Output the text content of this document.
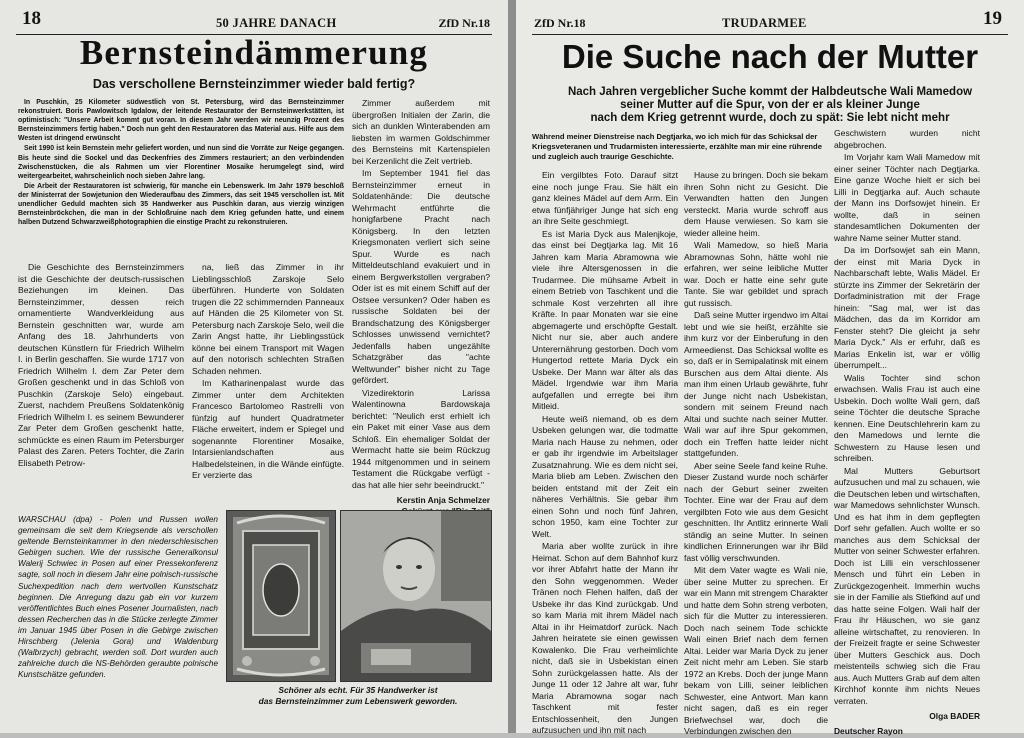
18	50 JAHRE DANACH	ZfD Nr.18
Bernsteindämmerung
Das verschollene Bernsteinzimmer wieder bald fertig?

In Puschkin, 25 Kilometer südwestlich von St. Petersburg, wird das Bernsteinzimmer rekonstruiert. Boris Pawlowitsch Igdalow, der leitende Restaurator der Bernsteinwerkstätten, ist optimistisch: "Unsere Arbeit kommt gut voran. In diesem Jahr werden wir neunzig Prozent des Bernsteinzimmers fertig haben." Doch nun geht den Restauratoren das Material aus. Hilfe aus dem Westen ist dringend erwünscht

Seit 1990 ist kein Bernstein mehr geliefert worden, und nun sind die Vorräte zur Neige gegangen. Bis heute sind die Sockel und das Deckenfries des Zimmers restauriert; an den verbindenden Zwischenstücken, die als Rahmen um vier Florentiner Mosaike herumgelegt sind, wird weitergearbeitet, wahrscheinlich noch sieben Jahre lang.

Die Arbeit der Restauratoren ist schwierig, für manche ein Lebenswerk. Im Jahr 1979 beschloß der Ministerrat der Sowjetunion den Wiederaufbau des Zimmers, das seit 1945 verschollen ist. Mit unendlicher Geduld machten sich 35 Handwerker aus Puschkin daran, aus vierzig winzigen Bernsteinbröckchen, die man in der Schloßruine nach dem Krieg gefunden hatte, und einem halben Dutzend Schwarzweißphotographien die einstige Pracht zu rekonstruieren.

Die Geschichte des Bernsteinzimmers ist die Geschichte der deutsch-russischen Beziehungen im kleinen. Das Bernsteinzimmer, dessen reich ornamentierte Wandverkleidung aus Bernstein geschnitten war, wurde am Anfang des 18. Jahrhunderts von deutschen Künstlern für Friedrich Wilhelm I. in Berlin geschaffen. Sie wurde 1717 von Friedrich Wilhelm I. dem Zar Peter dem Großen geschenkt und in das Schloß von Puschkin (Zarskoje Selo) eingebaut. Zuerst, nachdem Preußens Soldatenkönig Friedrich Wilhelm I. es seinem Bewunderer Zar Peter dem Großen geschenkt hatte, schmückte es einen Raum im Petersburger Palast des Zaren. Peters Tochter, die Zarin Elisabeth Petrow-

na, ließ das Zimmer in ihr Lieblingsschloß Zarskoje Selo überführen. Hunderte von Soldaten trugen die 22 schimmernden Panneaux auf Händen die 25 Kilometer von St. Petersburg nach Zarskoje Selo, weil die Zarin Angst hatte, ihr Lieblingsstück könne bei einem Transport mit Wagen auf den notorisch schlechten Straßen Schaden nehmen.

Im Katharinenpalast wurde das Zimmer unter dem Architekten Francesco Bartolomeo Rastrelli von fünfzig auf hundert Quadratmeter Fläche erweitert, indem er Spiegel und sogenannte Florentiner Mosaike, Intarsienlandschaften aus Halbedelsteinen, in die Wände einfügte. Er verzierte das

Zimmer außerdem mit übergroßen Initialen der Zarin, die sich an dunklen Winterabenden am liebsten im warmen Goldschimmer des Bernsteins mit Kartenspielen bei Kerzenlicht die Zeit vertrieb.

Im September 1941 fiel das Bernsteinzimmer erneut in Soldatenhände: Die deutsche Wehrmacht entführte die honigfarbene Pracht nach Königsberg. In den letzten Kriegsmonaten verliert sich seine Spur. Wurde es nach Mitteldeutschland evakuiert und in einem Bergwerkstollen vergraben? Oder ist es mit einem Schiff auf der Ostsee versunken? Oder haben es russische Soldaten bei der Brandschatzung des Königsberger Schlosses unwissend vernichtet? Jedenfalls haben ungezählte Schatzgräber das "achte Weltwunder" bisher nicht zu Tage gefördert.

Vizedirektorin Larissa Walentinowna Bardowskaja berichtet: "Neulich erst erhielt ich ein Paket mit einer Vase aus dem Schloß. Ein ehemaliger Soldat der Wermacht hatte sie beim Rückzug 1944 mitgenommen und in seinem Testament die Rückgabe verfügt - das hat alle hier sehr beeindruckt."

Kerstin Anja Schmelzer

WARSCHAU (dpa) - Polen und Russen wollen gemeinsam die seit dem Kriegsende als verschollen geltende Bernsteinkammer in den niederschlesischen Gebirgen suchen. Wie der russische Generalkonsul Walerij Schwiec in Posen auf einer Pressekonferenz sagte, soll noch in diesem Jahr eine polnisch-russische Suchexpedition nach dem wertvollen Kunstschatz beginnen. Die Anregung dazu gab ein vor kurzem veröffentlichtes Buch eines Posener Journalisten, nach dessen Recherchen das in die Stücke zerlegte Zimmer im Januar 1945 über Posen in die Gebirge zwischen Hirschberg (Jelenia Gora) und Waldenburg (Walbrzych) gebracht, werden soll. Dort wurden auch zahlreiche durch die NS-Behörden geraubte polnische Kunstschätze gefunden.

Schöner als echt. Für 35 Handwerker ist
das Bernsteinzimmer zum Lebenswerk geworden.
ZfD Nr.18	TRUDARMEE	19
Die Suche nach der Mutter
Nach Jahren vergeblicher Suche kommt der Halbdeutsche Wali Mamedow
seiner Mutter auf die Spur, von der er als kleiner Junge
nach dem Krieg getrennt wurde, doch zu spät: Sie lebt nicht mehr

Während meiner Dienstreise nach Degtjarka, wo ich mich für das Schicksal der Kriegsveteranen und Trudarmisten interessierte, erzählte man mir eine rührende und zugleich auch traurige Geschichte.

Ein vergilbtes Foto. Darauf sitzt eine noch junge Frau. Sie hält ein ganz kleines Mädel auf dem Arm. Ein etwa fünfjähriger Junge hat sich eng an ihre Seite geschmiegt.

Es ist Maria Dyck aus Malenjkoje, das einst bei Degtjarka lag. Mit 16 Jahren kam Maria Abramowna wie viele ihre Altersgenossen in die Trudarmee. Die mühsame Arbeit in einem Betrieb von Taschkent und die schmale Kost verzehrten all ihre Kräfte. In paar Monaten war sie eine abgemagerte und erschöpfte Gestalt. Nicht nur sie, aber auch andere Unterernährung gestorben. Doch vom Hungertod rettete Maria Dyck ein Usbeke. Der Mann war älter als das Mädel. Irgendwie war ihm Maria aufgefallen und erregte bei ihm Mitleid.

Heute weiß niemand, ob es dem Usbeken gelungen war, die todmatte Maria nach Hause zu nehmen, oder er gab ihr irgendwie im Arbeitslager Zusatznahrung. Wie es dem nicht sei, Maria blieb am Leben. Zwischen den beiden entstand mit der Zeit ein näheres Verhältnis. Sie gebar ihm einen Sohn und noch fünf Jahren, schon 1950, kam eine Tochter zur Welt.

Maria aber wollte zurück in ihre Heimat. Schon auf dem Bahnhof kurz vor ihrer Abfahrt hatte der Mann ihr den Sohn weggenommen. Weder Tränen noch Flehen halfen, daß der Usbeke ihr das Kind zurückgab. Und so kam Maria mit ihrem Mädel nach Altai in ihr Heimatdorf zurück. Nach Jahren heiratete sie einen gewissen Kowalenko. Die Frau verheimlichte nicht, daß sie in Usbekistan einen Sohn zurückgelassen hatte. Als der Junge 11 oder 12 Jahre alt war, fuhr Maria Abramowna sogar nach Taschkent mit fester Entschlossenheit, den Jungen aufzusuchen und ihn mit nach

Hause zu bringen. Doch sie bekam ihren Sohn nicht zu Gesicht. Die Verwandten hatten den Jungen versteckt. Maria wurde schroff aus dem Hause verwiesen. So kam sie wieder alleine heim.

Wali Mamedow, so hieß Maria Abramownas Sohn, hätte wohl nie erfahren, wer seine leibliche Mutter war. Doch er hatte eine sehr gute Tante. Sie war gebildet und sprach gut russisch.

Daß seine Mutter irgendwo im Altai lebt und wie sie heißt, erzählte sie ihm kurz vor der Einberufung in den Armeedienst. Das Schicksal wollte es so, daß er in Semipalatinsk mit einem Burschen aus dem Altai diente. Als man ihm einen Urlaub gewährte, fuhr der Junge nicht nach Usbekistan, sondern mit seinem Freund nach Altai und suchte nach seiner Mutter. Wali war auf ihre Spur gekommen, doch ein Treffen hatte leider nicht stattgefunden.

Aber seine Seele fand keine Ruhe. Dieser Zustand wurde noch schärfer nach der Geburt seiner zweiten Tochter. Eine war der Frau auf dem vergilbten Foto wie aus dem Gesicht geschnitten. Ihr Antlitz erinnerte Wali ständig an seine Mutter. In seinen kindlichen Erinnerungen war ihr Bild fast völlig verschwunden.

Mit dem Vater wagte es Wali nie, über seine Mutter zu sprechen. Er war ein Mann mit strengem Charakter und hatte dem Sohn streng verboten, sich für die Mutter zu interessieren. Doch nach seinem Tode schickte Wali einen Brief nach dem fernen Altai. Leider war Maria Dyck zu jener Zeit nicht mehr am Leben. Sie starb 1972 an Krebs. Doch der junge Mann bekam von Lilli, seiner leiblichen Schwester, eine Antwort. Man kann nicht sagen, daß es ein reger Briefwechsel war, doch die Verbindungen zwischen den

Geschwistern wurden nicht abgebrochen.

Im Vorjahr kam Wali Mamedow mit einer seiner Töchter nach Degtjarka. Eine ganze Woche hielt er sich bei Lilli in Degtjarka auf. Auch schaute der Mann ins Dorfsowjet hinein. Er wollte, daß in seinen standesamtlichen Dokumenten der wahre Name seiner Mutter stand.

Da im Dorfsowjet sah ein Mann, der einst mit Maria Dyck in Nachbarschaft lebte, Walis Mädel. Er stürzte ins Zimmer der Sekretärin der Dorfadministration mit der Frage hinein: "Sag mal, wer ist das Mädchen, das da im Korridor am Fenster steht? Die gleicht ja sehr Maria Dyck." Als er erfuhr, daß es Marias Enkelin ist, war er völlig überrumpelt...

Walis Tochter sind schon erwachsen. Walis Frau ist auch eine Usbekin. Doch wollte Wali gern, daß seine Töchter die deutsche Sprache kennen. Eine Deutschlehrerin kam zu den Mamedows und lernte die Schwestern zu Hause lesen und schreiben.

Mal Mutters Geburtsort aufzusuchen und mal zu schauen, wie die Deutschen leben und wirtschaften, war Mamedows sehnlichster Wunsch. Und es hat ihm in dem gepflegten Dorf sehr gefallen. Auch wollte er so manches aus dem Schicksal der Mutter von seiner Schwester erfahren. Doch ist Lilli ein verschlossener Mensch und führt ein Leben in Zurückgezogenheit. Immerhin wuchs sie in der Familie als Stiefkind auf und das hatte seine Folgen. Wali half der Frau ihr Häuschen, wo sie ganz alleine wirtschaftet, zu renovieren. In der Freizeit fragte er seine Schwester über Mutters Geschick aus. Doch meistenteils schwieg sich die Frau aus. Auch Mutters Grab auf dem alten Kirchhof konnte ihm nichts Neues verraten.

Olga BADER
Deutscher Rayon
